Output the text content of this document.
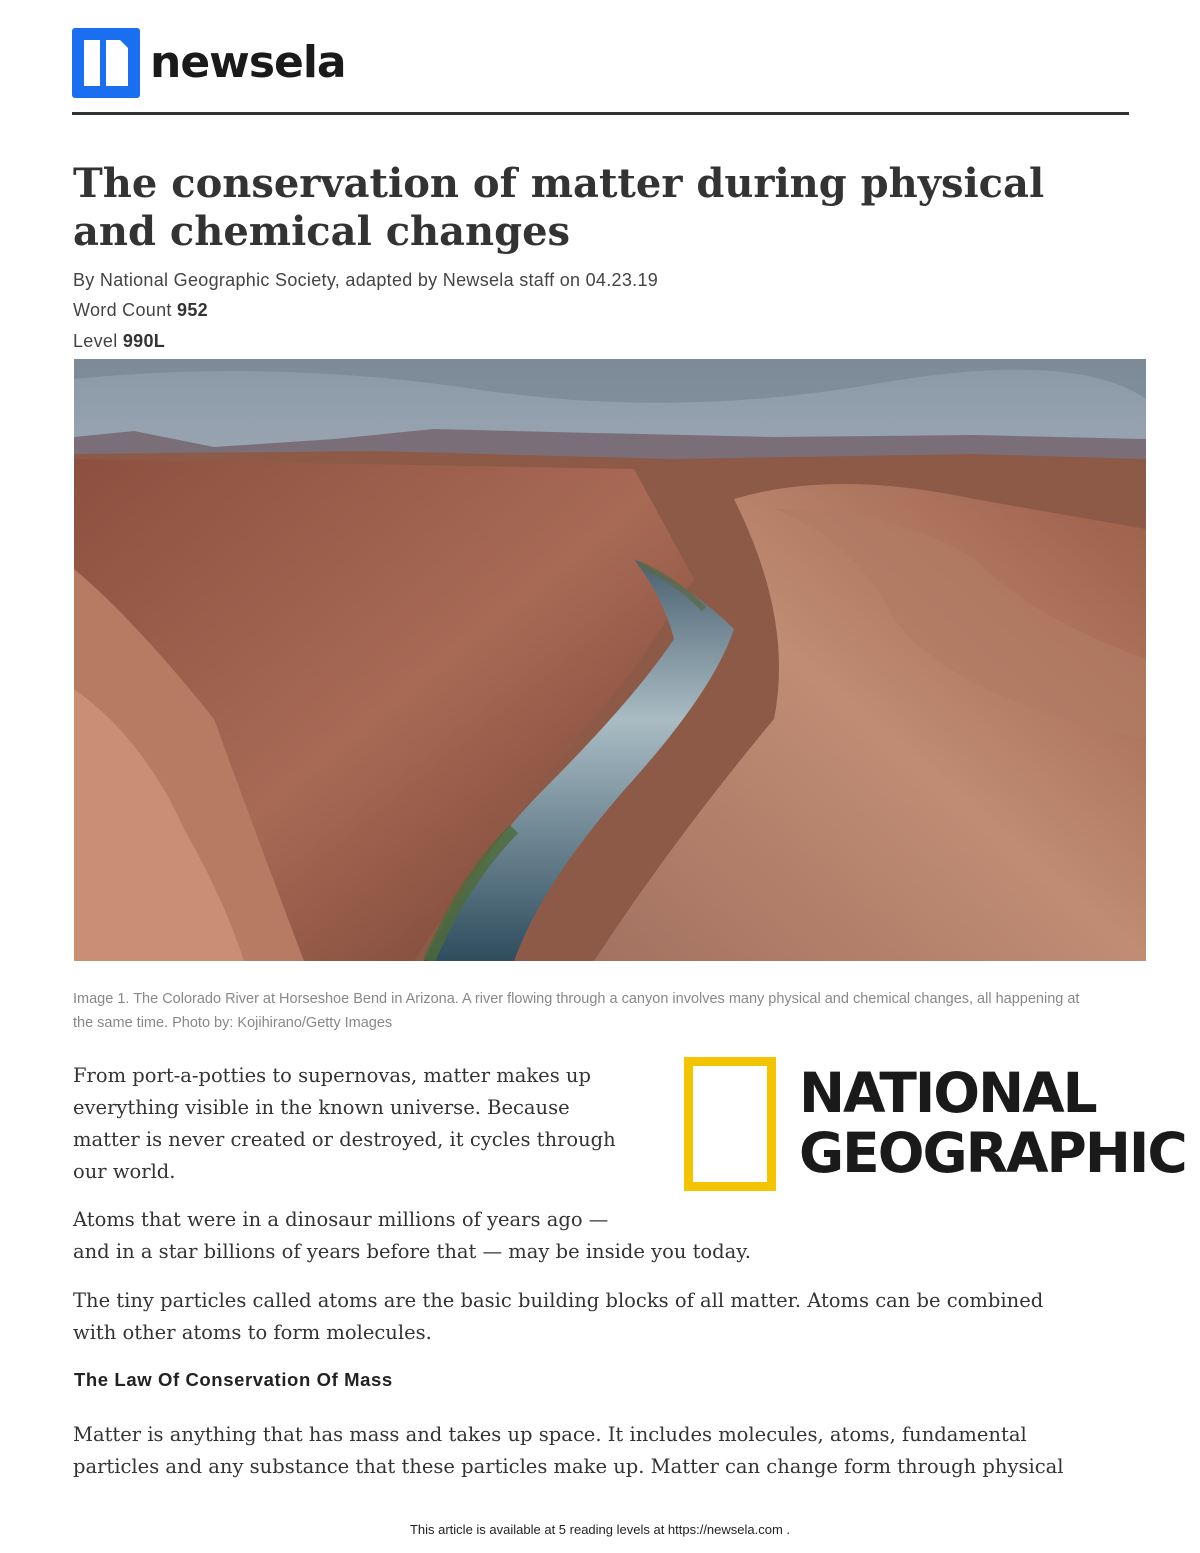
newsela
The conservation of matter during physical and chemical changes
By National Geographic Society, adapted by Newsela staff on 04.23.19
Word Count 952
Level 990L
Image 1. The Colorado River at Horseshoe Bend in Arizona. A river flowing through a canyon involves many physical and chemical changes, all happening at the same time. Photo by: Kojihirano/Getty Images

From port-a-potties to supernovas, matter makes up
everything visible in the known universe. Because
matter is never created or destroyed, it cycles through
our world.

NATIONAL
GEOGRAPHIC

Atoms that were in a dinosaur millions of years ago —
and in a star billions of years before that — may be inside you today.

The tiny particles called atoms are the basic building blocks of all matter. Atoms can be combined
with other atoms to form molecules.

The Law Of Conservation Of Mass

Matter is anything that has mass and takes up space. It includes molecules, atoms, fundamental
particles and any substance that these particles make up. Matter can change form through physical

This article is available at 5 reading levels at https://newsela.com .
